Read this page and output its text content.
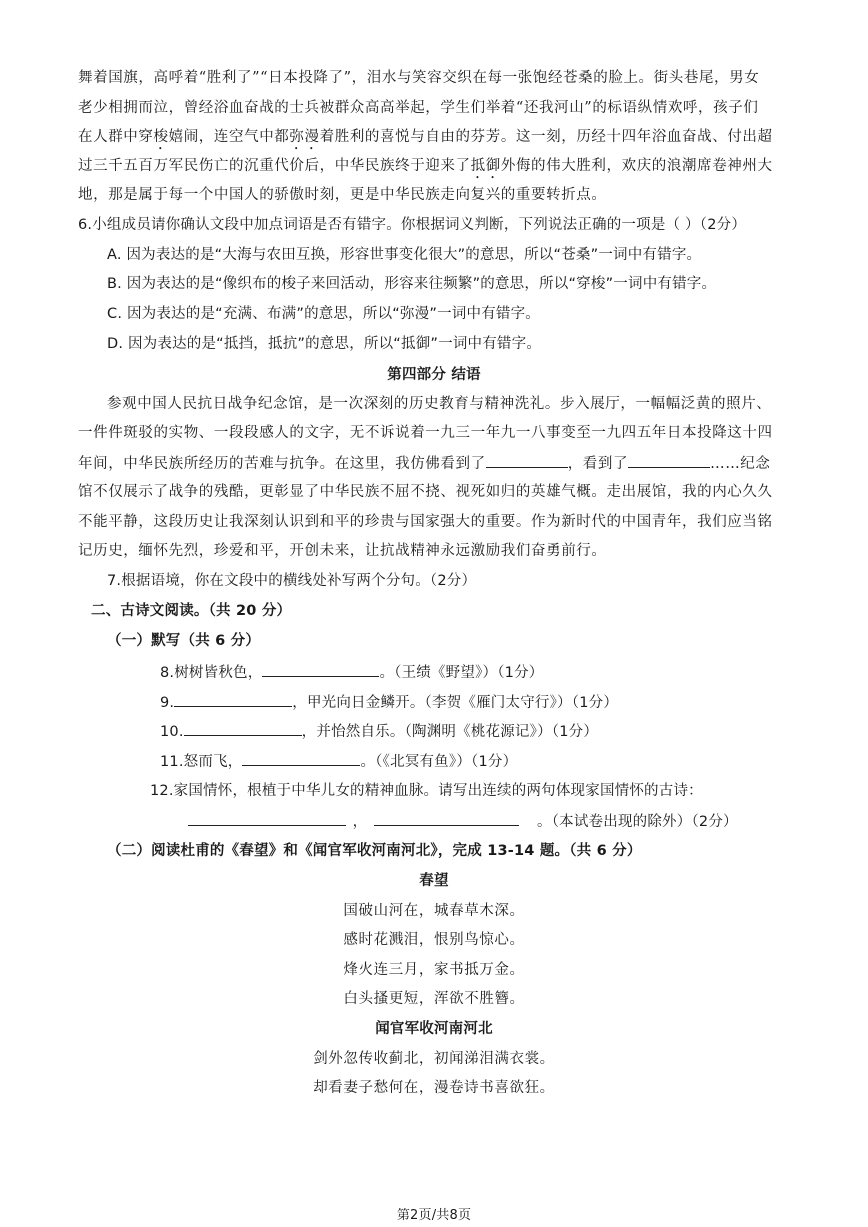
舞着国旗，高呼着“胜利了”“日本投降了”，泪水与笑容交织在每一张饱经苍桑的脸上。街头巷尾，男女
老少相拥而泣，曾经浴血奋战的士兵被群众高高举起，学生们举着“还我河山”的标语纵情欢呼，孩子们
在人群中穿梭嬉闹，连空气中都弥漫着胜利的喜悦与自由的芬芳。这一刻，历经十四年浴血奋战、付出超
过三千五百万军民伤亡的沉重代价后，中华民族终于迎来了抵御外侮的伟大胜利，欢庆的浪潮席卷神州大
地，那是属于每一个中国人的骄傲时刻，更是中华民族走向复兴的重要转折点。
6.小组成员请你确认文段中加点词语是否有错字。你根据词义判断，下列说法正确的一项是（ ）（2分）
A. 因为表达的是“大海与农田互换，形容世事变化很大”的意思，所以“苍桑”一词中有错字。
B. 因为表达的是“像织布的梭子来回活动，形容来往频繁”的意思，所以“穿梭”一词中有错字。
C. 因为表达的是“充满、布满”的意思，所以“弥漫”一词中有错字。
D. 因为表达的是“抵挡，抵抗”的意思，所以“抵御”一词中有错字。
第四部分 结语
参观中国人民抗日战争纪念馆，是一次深刻的历史教育与精神洗礼。步入展厅，一幅幅泛黄的照片、
一件件斑驳的实物、一段段感人的文字，无不诉说着一九三一年九一八事变至一九四五年日本投降这十四
年间，中华民族所经历的苦难与抗争。在这里，我仿佛看到了	，看到了	……纪念
馆不仅展示了战争的残酷，更彰显了中华民族不屈不挠、视死如归的英雄气概。走出展馆，我的内心久久
不能平静，这段历史让我深刻认识到和平的珍贵与国家强大的重要。作为新时代的中国青年，我们应当铭
记历史，缅怀先烈，珍爱和平，开创未来，让抗战精神永远激励我们奋勇前行。
7.根据语境，你在文段中的横线处补写两个分句。（2分）
二、古诗文阅读。（共 20 分）
（一）默写（共 6 分）
8.树树皆秋色，	。（王绩《野望》）（1分）
9.	，甲光向日金鳞开。（李贺《雁门太守行》）（1分）
10.	，并怡然自乐。（陶渊明《桃花源记》）（1分）
11.怒而飞，	。（《北冥有鱼》）（1分）
12.家国情怀，根植于中华儿女的精神血脉。请写出连续的两句体现家国情怀的古诗：
，	。（本试卷出现的除外）（2分）
（二）阅读杜甫的《春望》和《闻官军收河南河北》，完成 13-14 题。（共 6 分）
春望
国破山河在，城春草木深。
感时花溅泪，恨别鸟惊心。
烽火连三月，家书抵万金。
白头搔更短，浑欲不胜簪。
闻官军收河南河北
剑外忽传收蓟北，初闻涕泪满衣裳。
却看妻子愁何在，漫卷诗书喜欲狂。
第2页/共8页
